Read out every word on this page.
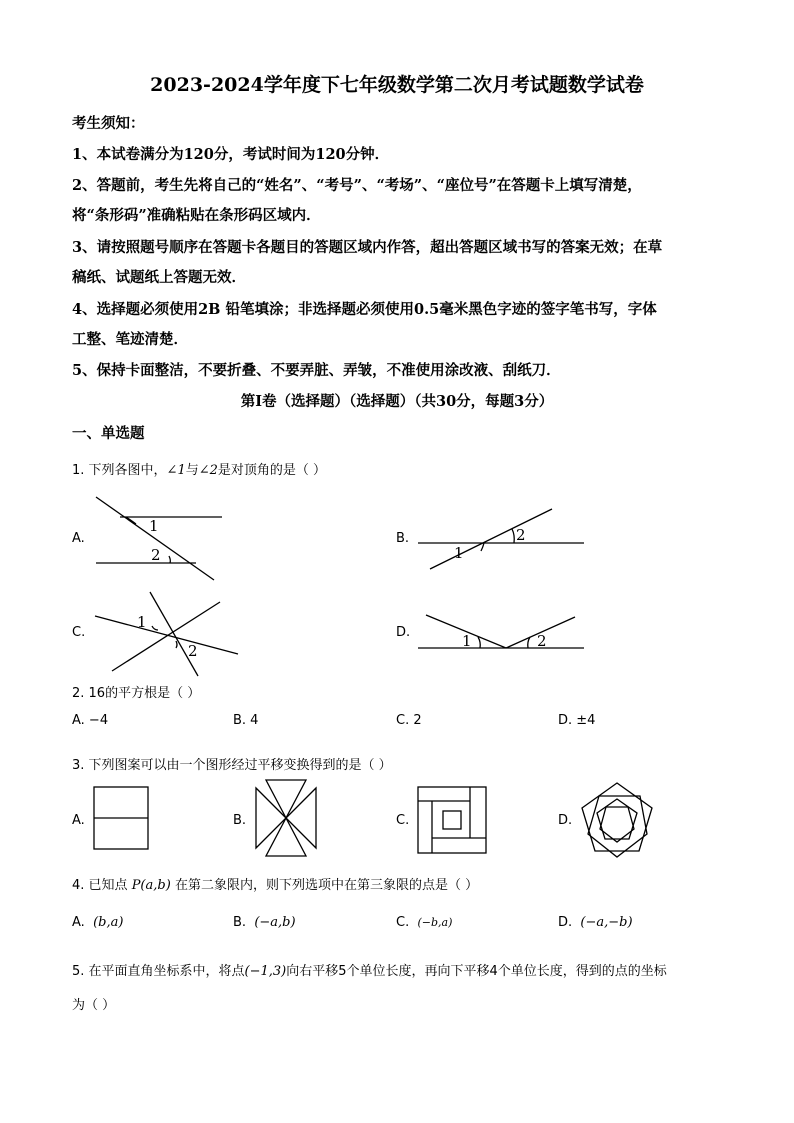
2023-2024学年度下七年级数学第二次月考试题数学试卷
考生须知：
1、本试卷满分为120分，考试时间为120分钟．
2、答题前，考生先将自己的“姓名”、“考号”、“考场”、“座位号”在答题卡上填写清楚，
将“条形码”准确粘贴在条形码区域内．
3、请按照题号顺序在答题卡各题目的答题区域内作答，超出答题区域书写的答案无效；在草
稿纸、试题纸上答题无效．
4、选择题必须使用2B 铅笔填涂；非选择题必须使用0.5毫米黑色字迹的签字笔书写，字体
工整、笔迹清楚．
5、保持卡面整洁，不要折叠、不要弄脏、弄皱，不准使用涂改液、刮纸刀．
第Ⅰ卷（选择题）（选择题）（共30分，每题3分）
一、单选题
1. 下列各图中，∠1与∠2是对顶角的是（ ）
A.
1
2
B.
1
2
C.
1
2
D.	1	2
2. 16的平方根是（ ）
A. −4	B. 4	C. 2	D. ±4
3. 下列图案可以由一个图形经过平移变换得到的是（ ）
A.	B.	C.	D.
4. 已知点 P(a,b) 在第二象限内，则下列选项中在第三象限的点是（ ）
A. (b,a)	B. (−a,b)	C. (−b,a)	D. (−a,−b)
5. 在平面直角坐标系中，将点(−1,3)向右平移5个单位长度，再向下平移4个单位长度，得到的点的坐标
为（ ）
